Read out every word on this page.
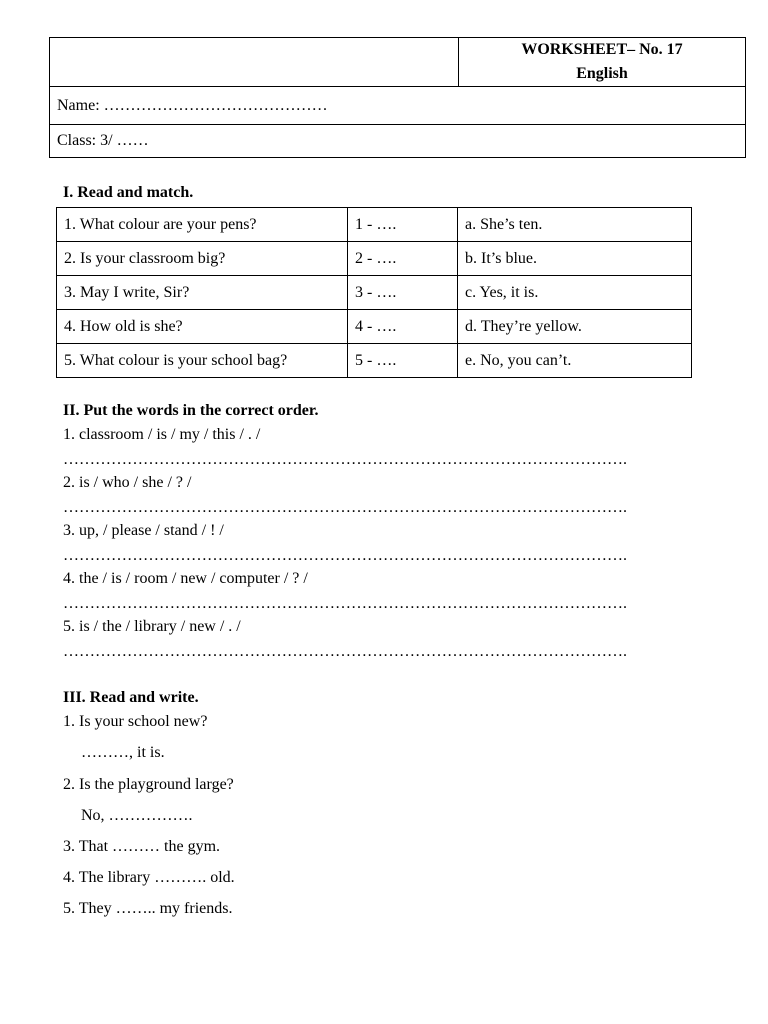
WORKSHEET– No. 17
English

Name: ……………………………………
Class: 3/ ……
I. Read and match.
1. What colour are your pens?	1 - ….	a. She’s ten.
2. Is your classroom big?	2 - ….	b. It’s blue.
3. May I write, Sir?	3 - ….	c. Yes, it is.
4. How old is she?	4 - ….	d. They’re yellow.
5. What colour is your school bag?	5 - ….	e. No, you can’t.
II. Put the words in the correct order.
1. classroom / is / my / this / . /
…………………………………………………………………………………………….
2. is / who / she / ? /
…………………………………………………………………………………………….
3. up, / please / stand / ! /
…………………………………………………………………………………………….
4. the / is / room / new / computer / ? /
…………………………………………………………………………………………….
5. is / the / library / new / . /
…………………………………………………………………………………………….
III. Read and write.
1. Is your school new?
………, it is.
2. Is the playground large?
No, …………….
3. That ……… the gym.
4. The library ………. old.
5. They …….. my friends.
